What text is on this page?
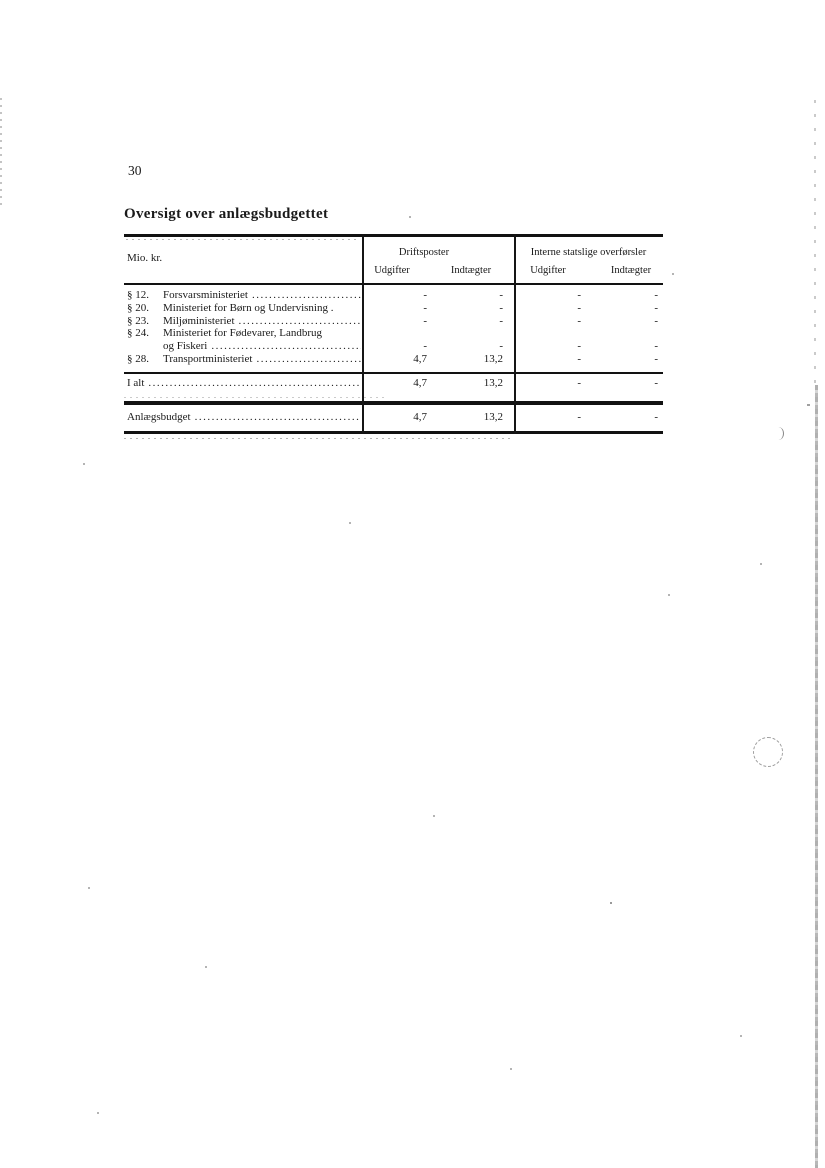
30
Oversigt over anlægsbudgettet
Mio. kr.	Driftsposter	Interne statslige overførsler
Udgifter	Indtægter	Udgifter	Indtægter
§ 12.	Forsvarsministeriet .....	-	-	-	-
§ 20.	Ministeriet for Børn og Undervisning .	-	-	-	-
§ 23.	Miljøministeriet .....	-	-	-	-
§ 24.	Ministeriet for Fødevarer, Landbrug
og Fiskeri .....	-	-	-	-
§ 28.	Transportministeriet .....	4,7	13,2	-	-
I alt .....	4,7	13,2	-	-
Anlægsbudget .....	4,7	13,2	-	-
